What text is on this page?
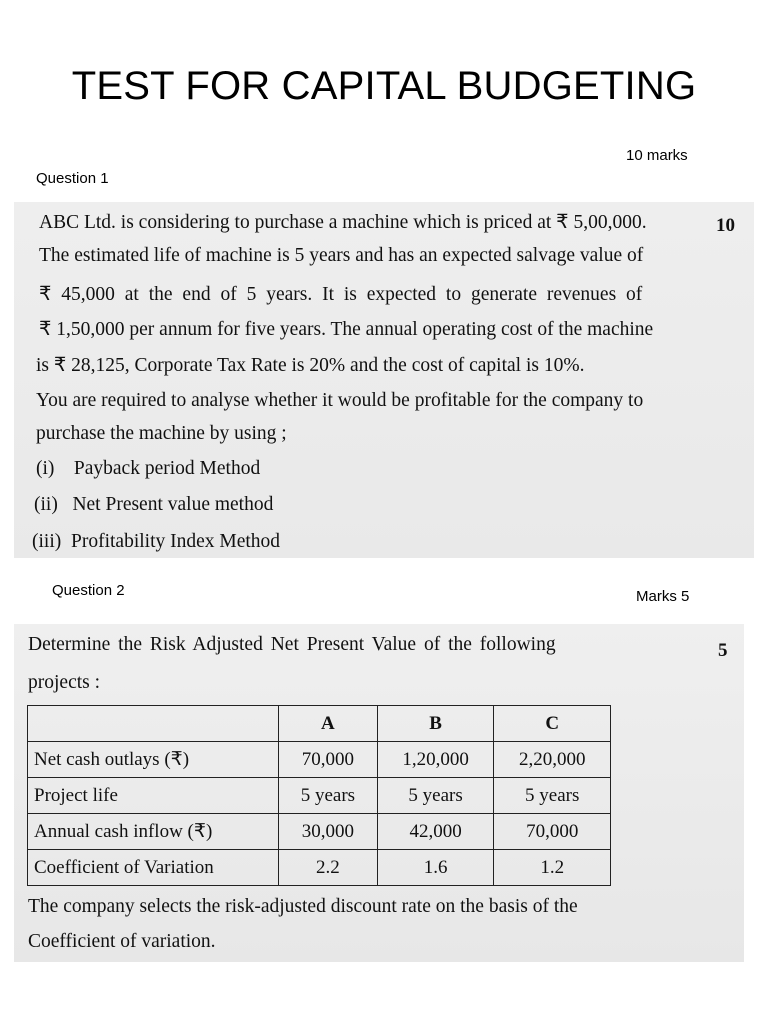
TEST FOR CAPITAL BUDGETING
10 marks
Question 1
ABC Ltd. is considering to purchase a machine which is priced at ₹ 5,00,000.	10
The estimated life of machine is 5 years and has an expected salvage value of
₹ 45,000 at the end of 5 years. It is expected to generate revenues of
₹ 1,50,000 per annum for five years. The annual operating cost of the machine
is ₹ 28,125, Corporate Tax Rate is 20% and the cost of capital is 10%.
You are required to analyse whether it would be profitable for the company to
purchase the machine by using ;
(i)    Payback period Method
(ii)   Net Present value method
(iii)  Profitability Index Method
Question 2	Marks 5
Determine the Risk Adjusted Net Present Value of the following	5
projects :
	A	B	C
Net cash outlays (₹)	70,000	1,20,000	2,20,000
Project life	5 years	5 years	5 years
Annual cash inflow (₹)	30,000	42,000	70,000
Coefficient of Variation	2.2	1.6	1.2
The company selects the risk-adjusted discount rate on the basis of the
Coefficient of variation.
